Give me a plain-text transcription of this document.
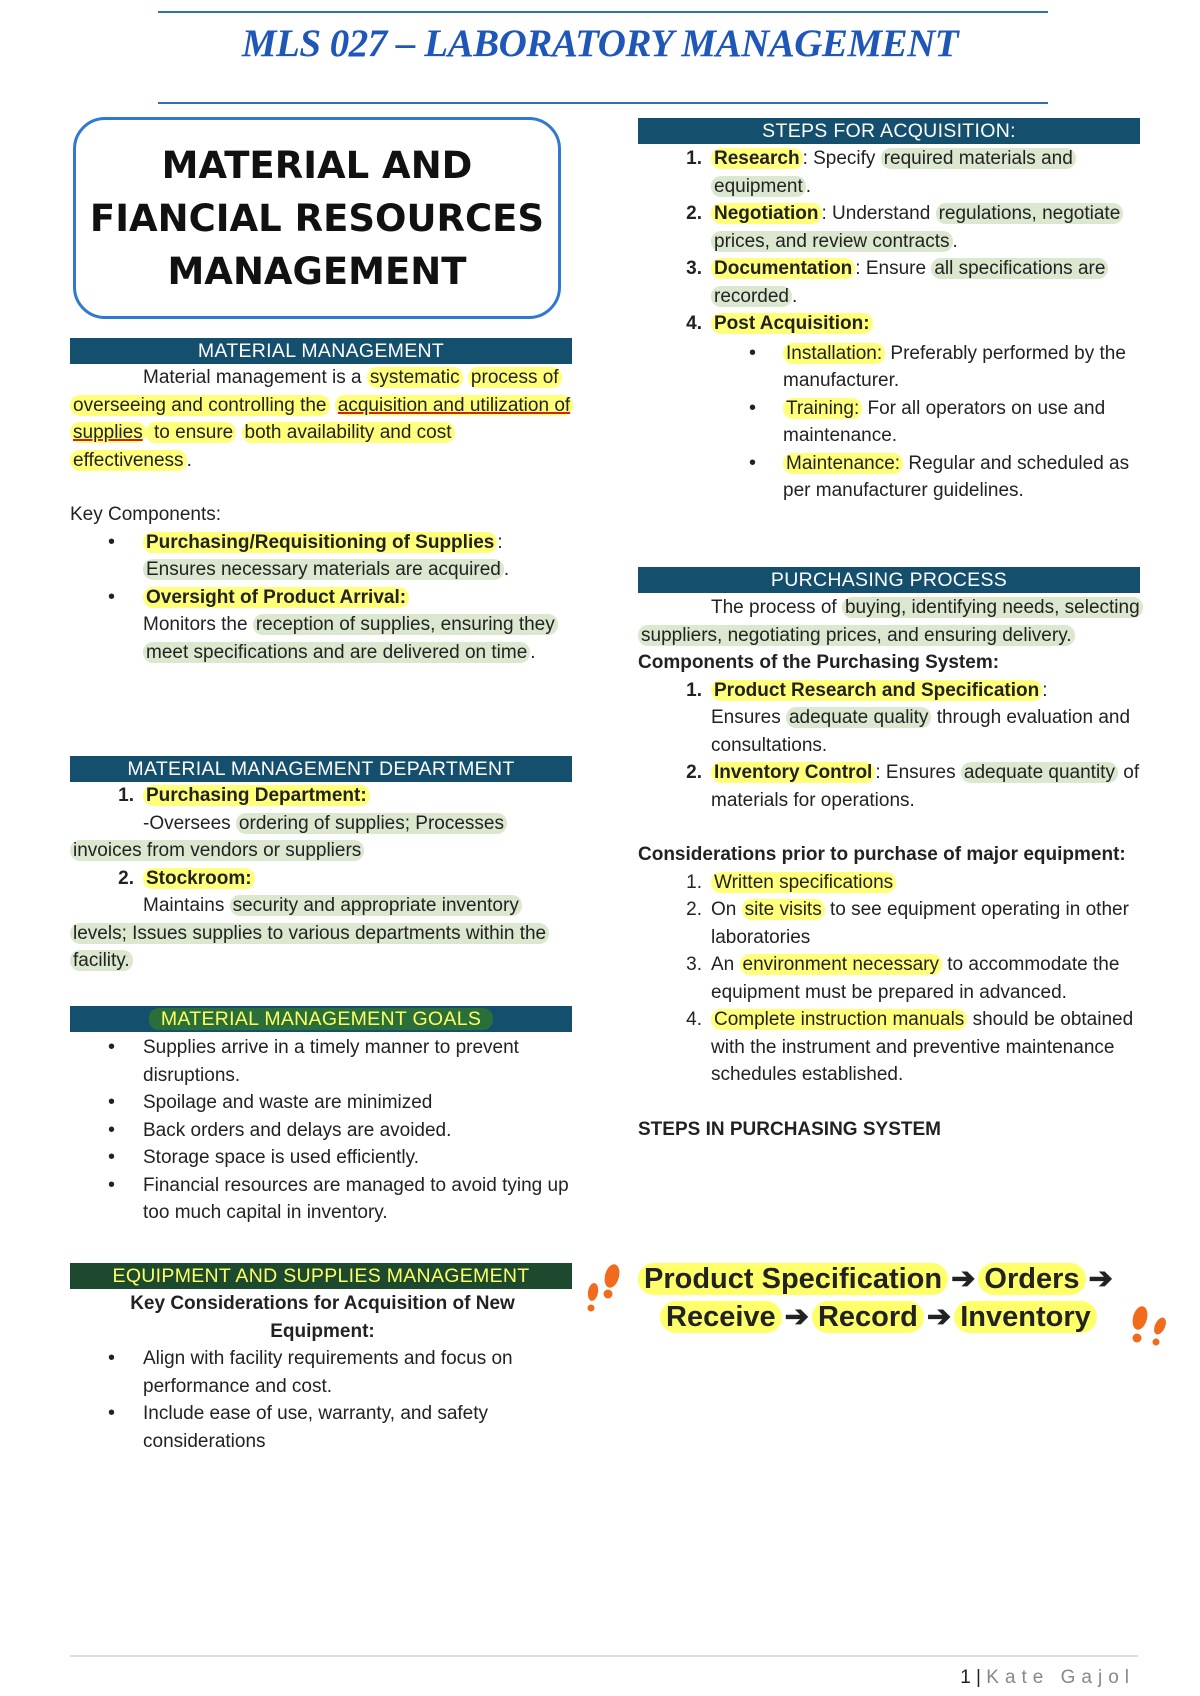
MLS 027 – LABORATORY MANAGEMENT
MATERIAL AND
FIANCIAL RESOURCES
MANAGEMENT
MATERIAL MANAGEMENT

Material management is a systematic process of overseeing and controlling the acquisition and utilization of supplies to ensure both availability and cost effectiveness .

Key Components:

• Purchasing/Requisitioning of Supplies : Ensures necessary materials are acquired .
• Oversight of Product Arrival:
Monitors the reception of supplies, ensuring they meet specifications and are delivered on time .
MATERIAL MANAGEMENT DEPARTMENT
1. Purchasing Department:

-Oversees ordering of supplies; Processes invoices from vendors or suppliers

2. Stockroom:

Maintains security and appropriate inventory levels; Issues supplies to various departments within the facility.

MATERIAL MANAGEMENT GOALS
• Supplies arrive in a timely manner to prevent disruptions.
• Spoilage and waste are minimized
• Back orders and delays are avoided.
• Storage space is used efficiently.
• Financial resources are managed to avoid tying up too much capital in inventory.
EQUIPMENT AND SUPPLIES MANAGEMENT

Key Considerations for Acquisition of New Equipment:

• Align with facility requirements and focus on performance and cost.
• Include ease of use, warranty, and safety considerations
STEPS FOR ACQUISITION:
1. Research : Specify required materials and equipment .
2. Negotiation : Understand regulations, negotiate prices, and review contracts .
3. Documentation : Ensure all specifications are recorded .
4. Post Acquisition:
• Installation: Preferably performed by the manufacturer.
• Training: For all operators on use and maintenance.
• Maintenance: Regular and scheduled as per manufacturer guidelines.
PURCHASING PROCESS

The process of buying, identifying needs, selecting suppliers, negotiating prices, and ensuring delivery.

Components of the Purchasing System:

1. Product Research and Specification :
Ensures adequate quality through evaluation and consultations.
2. Inventory Control : Ensures adequate quantity of materials for operations.

Considerations prior to purchase of major equipment:

1. Written specifications
2. On site visits to see equipment operating in other laboratories
3. An environment necessary to accommodate the equipment must be prepared in advanced.
4. Complete instruction manuals should be obtained with the instrument and preventive maintenance schedules established.

STEPS IN PURCHASING SYSTEM

Product Specification ➔ Orders ➔
Receive ➔ Record ➔ Inventory
1 | Kate Gajol
